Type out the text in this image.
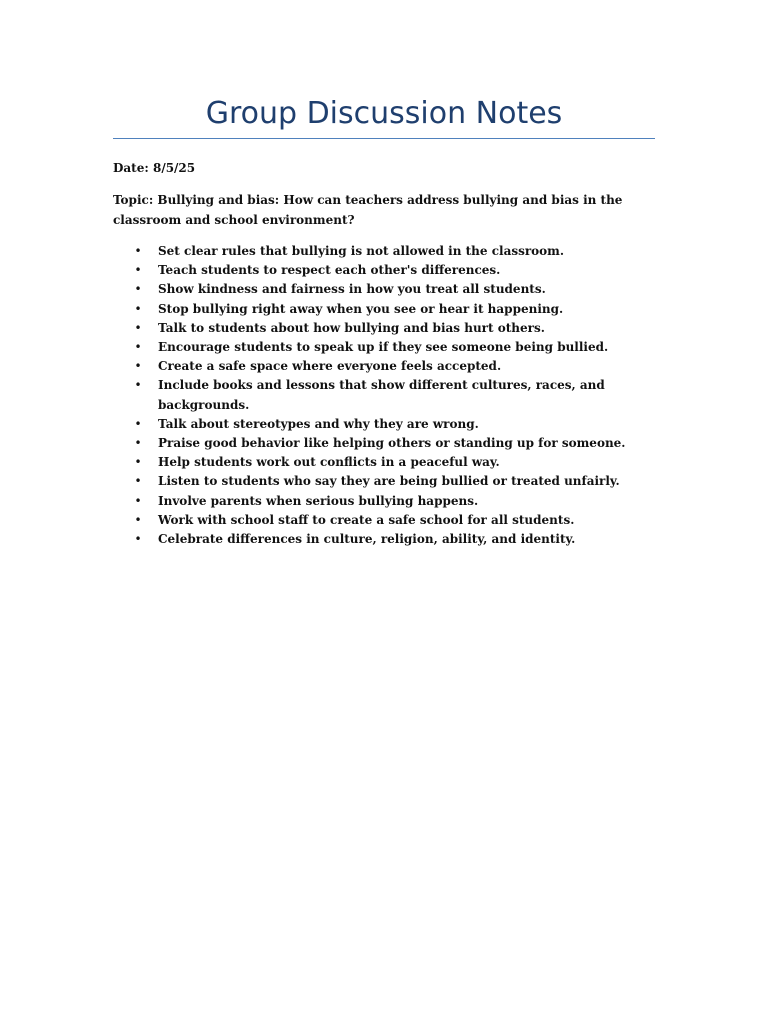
Group Discussion Notes
Date: 8/5/25
Topic: Bullying and bias: How can teachers address bullying and bias in the classroom and school environment?
• Set clear rules that bullying is not allowed in the classroom.
• Teach students to respect each other's differences.
• Show kindness and fairness in how you treat all students.
• Stop bullying right away when you see or hear it happening.
• Talk to students about how bullying and bias hurt others.
• Encourage students to speak up if they see someone being bullied.
• Create a safe space where everyone feels accepted.
• Include books and lessons that show different cultures, races, and backgrounds.
• Talk about stereotypes and why they are wrong.
• Praise good behavior like helping others or standing up for someone.
• Help students work out conflicts in a peaceful way.
• Listen to students who say they are being bullied or treated unfairly.
• Involve parents when serious bullying happens.
• Work with school staff to create a safe school for all students.
• Celebrate differences in culture, religion, ability, and identity.
